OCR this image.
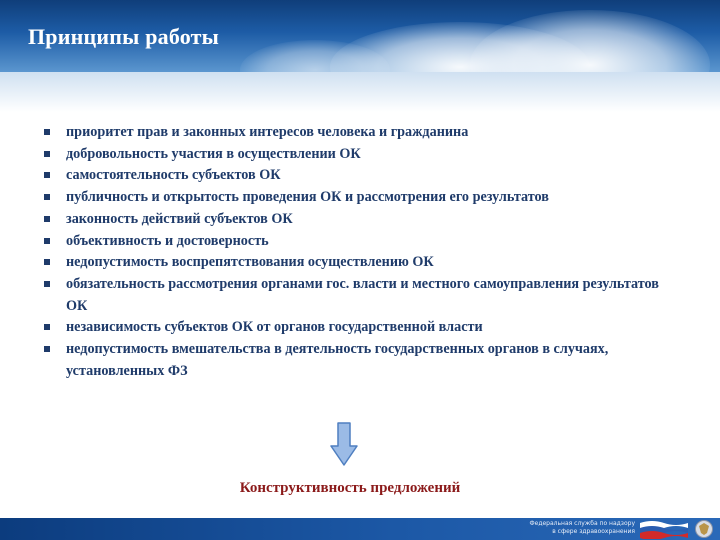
Принципы работы
приоритет прав и законных интересов человека и гражданина
добровольность участия в осуществлении ОК
самостоятельность субъектов ОК
публичность и открытость проведения ОК и рассмотрения его результатов
законность действий субъектов ОК
объективность и достоверность
недопустимость воспрепятствования осуществлению ОК
обязательность рассмотрения органами гос. власти и местного самоуправления результатов ОК
независимость субъектов ОК от органов государственной власти
недопустимость вмешательства в деятельность государственных органов в случаях, установленных ФЗ
Конструктивность предложений
Федеральная служба по надзору
в сфере здравоохранения
